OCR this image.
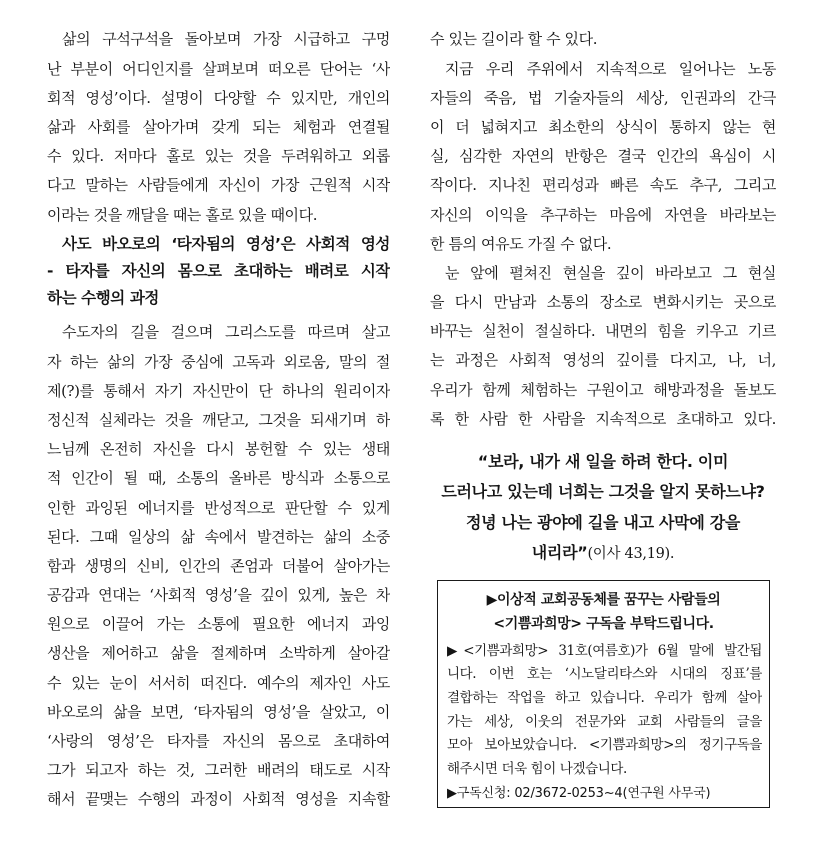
삶의 구석구석을 돌아보며 가장 시급하고 구멍
난 부분이 어디인지를 살펴보며 떠오른 단어는 ‘사
회적 영성’이다. 설명이 다양할 수 있지만, 개인의
삶과 사회를 살아가며 갖게 되는 체험과 연결될
수 있다. 저마다 홀로 있는 것을 두려워하고 외롭
다고 말하는 사람들에게 자신이 가장 근원적 시작
이라는 것을 깨달을 때는 홀로 있을 때이다.
사도 바오로의 ‘타자됨의 영성’은 사회적 영성
- 타자를 자신의 몸으로 초대하는 배려로 시작
하는 수행의 과정
수도자의 길을 걸으며 그리스도를 따르며 살고
자 하는 삶의 가장 중심에 고독과 외로움, 말의 절
제(?)를 통해서 자기 자신만이 단 하나의 원리이자
정신적 실체라는 것을 깨닫고, 그것을 되새기며 하
느님께 온전히 자신을 다시 봉헌할 수 있는 생태
적 인간이 될 때, 소통의 올바른 방식과 소통으로
인한 과잉된 에너지를 반성적으로 판단할 수 있게
된다. 그때 일상의 삶 속에서 발견하는 삶의 소중
함과 생명의 신비, 인간의 존엄과 더불어 살아가는
공감과 연대는 ‘사회적 영성’을 깊이 있게, 높은 차
원으로 이끌어 가는 소통에 필요한 에너지 과잉
생산을 제어하고 삶을 절제하며 소박하게 살아갈
수 있는 눈이 서서히 떠진다. 예수의 제자인 사도
바오로의 삶을 보면, ‘타자됨의 영성’을 살았고, 이
‘사랑의 영성’은 타자를 자신의 몸으로 초대하여
그가 되고자 하는 것, 그러한 배려의 태도로 시작
해서 끝맺는 수행의 과정이 사회적 영성을 지속할
수 있는 길이라 할 수 있다.
지금 우리 주위에서 지속적으로 일어나는 노동
자들의 죽음, 법 기술자들의 세상, 인권과의 간극
이 더 넓혀지고 최소한의 상식이 통하지 않는 현
실, 심각한 자연의 반항은 결국 인간의 욕심이 시
작이다. 지나친 편리성과 빠른 속도 추구, 그리고
자신의 이익을 추구하는 마음에 자연을 바라보는
한 틈의 여유도 가질 수 없다.
눈 앞에 펼쳐진 현실을 깊이 바라보고 그 현실
을 다시 만남과 소통의 장소로 변화시키는 곳으로
바꾸는 실천이 절실하다. 내면의 힘을 키우고 기르
는 과정은 사회적 영성의 깊이를 다지고, 나, 너,
우리가 함께 체험하는 구원이고 해방과정을 돌보도
록 한 사람 한 사람을 지속적으로 초대하고 있다.
“보라, 내가 새 일을 하려 한다. 이미
드러나고 있는데 너희는 그것을 알지 못하느냐?
정녕 나는 광야에 길을 내고 사막에 강을
내리라”(이사 43,19).
▶이상적 교회공동체를 꿈꾸는 사람들의
<기쁨과희망> 구독을 부탁드립니다.
▶<기쁨과희망> 31호(여름호)가 6월 말에 발간됩
니다. 이번 호는 ‘시노달리타스와 시대의 징표’를
결합하는 작업을 하고 있습니다. 우리가 함께 살아
가는 세상, 이웃의 전문가와 교회 사람들의 글을
모아 보아보았습니다. <기쁨과희망>의 정기구독을
해주시면 더욱 힘이 나겠습니다.
▶구독신청: 02/3672-0253~4(연구원 사무국)
